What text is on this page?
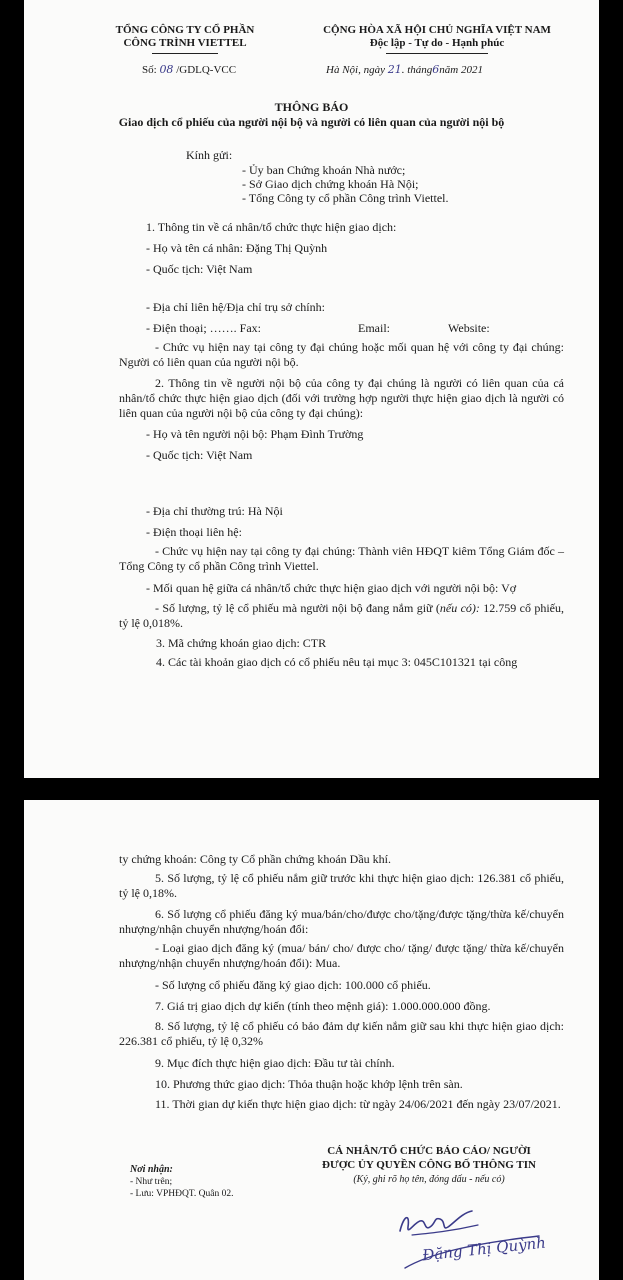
TỔNG CÔNG TY CỔ PHẦN
CÔNG TRÌNH VIETTEL
CỘNG HÒA XÃ HỘI CHỦ NGHĨA VIỆT NAM
Độc lập - Tự do - Hạnh phúc
Số: 08 /GDLQ-VCC	Hà Nội, ngày 21. tháng6năm 2021
THÔNG BÁO
Giao dịch cổ phiếu của người nội bộ và người có liên quan của người nội bộ
Kính gửi:
- Ủy ban Chứng khoán Nhà nước;
- Sở Giao dịch chứng khoán Hà Nội;
- Tổng Công ty cổ phần Công trình Viettel.
1. Thông tin về cá nhân/tổ chức thực hiện giao dịch:
- Họ và tên cá nhân: Đặng Thị Quỳnh
- Quốc tịch: Việt Nam
- Địa chỉ liên hệ/Địa chỉ trụ sở chính:
- Điện thoại; ……. Fax:	Email:	Website:
- Chức vụ hiện nay tại công ty đại chúng hoặc mối quan hệ với công ty đại chúng: Người có liên quan của người nội bộ.
2. Thông tin về người nội bộ của công ty đại chúng là người có liên quan của cá nhân/tổ chức thực hiện giao dịch (đối với trường hợp người thực hiện giao dịch là người có liên quan của người nội bộ của công ty đại chúng):
- Họ và tên người nội bộ: Phạm Đình Trường
- Quốc tịch: Việt Nam
- Địa chỉ thường trú: Hà Nội
- Điện thoại liên hệ:
- Chức vụ hiện nay tại công ty đại chúng: Thành viên HĐQT kiêm Tổng Giám đốc – Tổng Công ty cổ phần Công trình Viettel.
- Mối quan hệ giữa cá nhân/tổ chức thực hiện giao dịch với người nội bộ: Vợ
- Số lượng, tỷ lệ cổ phiếu mà người nội bộ đang nắm giữ (nếu có): 12.759 cổ phiếu, tỷ lệ 0,018%.
3. Mã chứng khoán giao dịch: CTR
4. Các tài khoản giao dịch có cổ phiếu nêu tại mục 3: 045C101321 tại công
ty chứng khoán: Công ty Cổ phần chứng khoán Dầu khí.
5. Số lượng, tỷ lệ cổ phiếu nắm giữ trước khi thực hiện giao dịch: 126.381 cổ phiếu, tỷ lệ 0,18%.
6. Số lượng cổ phiếu đăng ký mua/bán/cho/được cho/tặng/được tặng/thừa kế/chuyển nhượng/nhận chuyển nhượng/hoán đổi:
- Loại giao dịch đăng ký (mua/ bán/ cho/ được cho/ tặng/ được tặng/ thừa kế/chuyển nhượng/nhận chuyển nhượng/hoán đổi): Mua.
- Số lượng cổ phiếu đăng ký giao dịch: 100.000 cổ phiếu.
7. Giá trị giao dịch dự kiến (tính theo mệnh giá): 1.000.000.000 đồng.
8. Số lượng, tỷ lệ cổ phiếu có bảo đảm dự kiến nắm giữ sau khi thực hiện giao dịch: 226.381 cổ phiếu, tỷ lệ 0,32%
9. Mục đích thực hiện giao dịch: Đầu tư tài chính.
10. Phương thức giao dịch: Thỏa thuận hoặc khớp lệnh trên sàn.
11. Thời gian dự kiến thực hiện giao dịch: từ ngày 24/06/2021 đến ngày 23/07/2021.
CÁ NHÂN/TỔ CHỨC BÁO CÁO/ NGƯỜI
ĐƯỢC ỦY QUYỀN CÔNG BỐ THÔNG TIN
(Ký, ghi rõ họ tên, đóng dấu - nếu có)
Nơi nhận:
- Như trên;
- Lưu: VPHĐQT. Quân 02.
Đặng Thị Quỳnh
